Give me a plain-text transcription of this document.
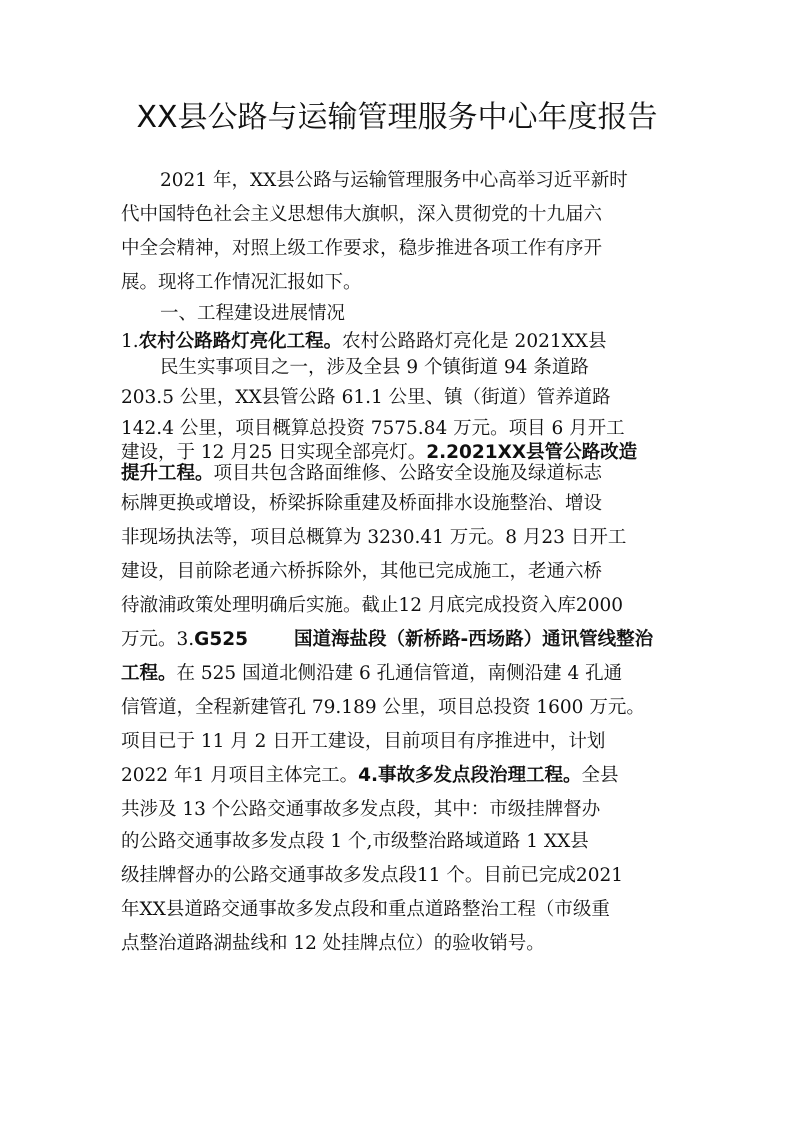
XX县公路与运输管理服务中心年度报告
2021 年，XX县公路与运输管理服务中心高举习近平新时
代中国特色社会主义思想伟大旗帜，深入贯彻党的十九届六
中全会精神，对照上级工作要求，稳步推进各项工作有序开
展。现将工作情况汇报如下。
一、工程建设进展情况
1.农村公路路灯亮化工程。农村公路路灯亮化是 2021XX县
民生实事项目之一，涉及全县 9 个镇街道 94 条道路
203.5 公里，XX县管公路 61.1 公里、镇（街道）管养道路
142.4 公里，项目概算总投资 7575.84 万元。项目 6 月开工
建设，于 12 月25 日实现全部亮灯。2.2021XX县管公路改造
提升工程。项目共包含路面维修、公路安全设施及绿道标志
标牌更换或增设，桥梁拆除重建及桥面排水设施整治、增设
非现场执法等，项目总概算为 3230.41 万元。8 月23 日开工
建设，目前除老通六桥拆除外，其他已完成施工，老通六桥
待澈浦政策处理明确后实施。截止12 月底完成投资入库2000
万元。3.G525 国道海盐段（新桥路-西场路）通讯管线整治
工程。在 525 国道北侧沿建 6 孔通信管道，南侧沿建 4 孔通
信管道，全程新建管孔 79.189 公里，项目总投资 1600 万元。
项目已于 11 月 2 日开工建设，目前项目有序推进中，计划
2022 年1 月项目主体完工。4.事故多发点段治理工程。全县
共涉及 13 个公路交通事故多发点段，其中：市级挂牌督办
的公路交通事故多发点段 1 个,市级整治路域道路 1 XX县
级挂牌督办的公路交通事故多发点段11 个。目前已完成2021
年XX县道路交通事故多发点段和重点道路整治工程（市级重
点整治道路湖盐线和 12 处挂牌点位）的验收销号。
